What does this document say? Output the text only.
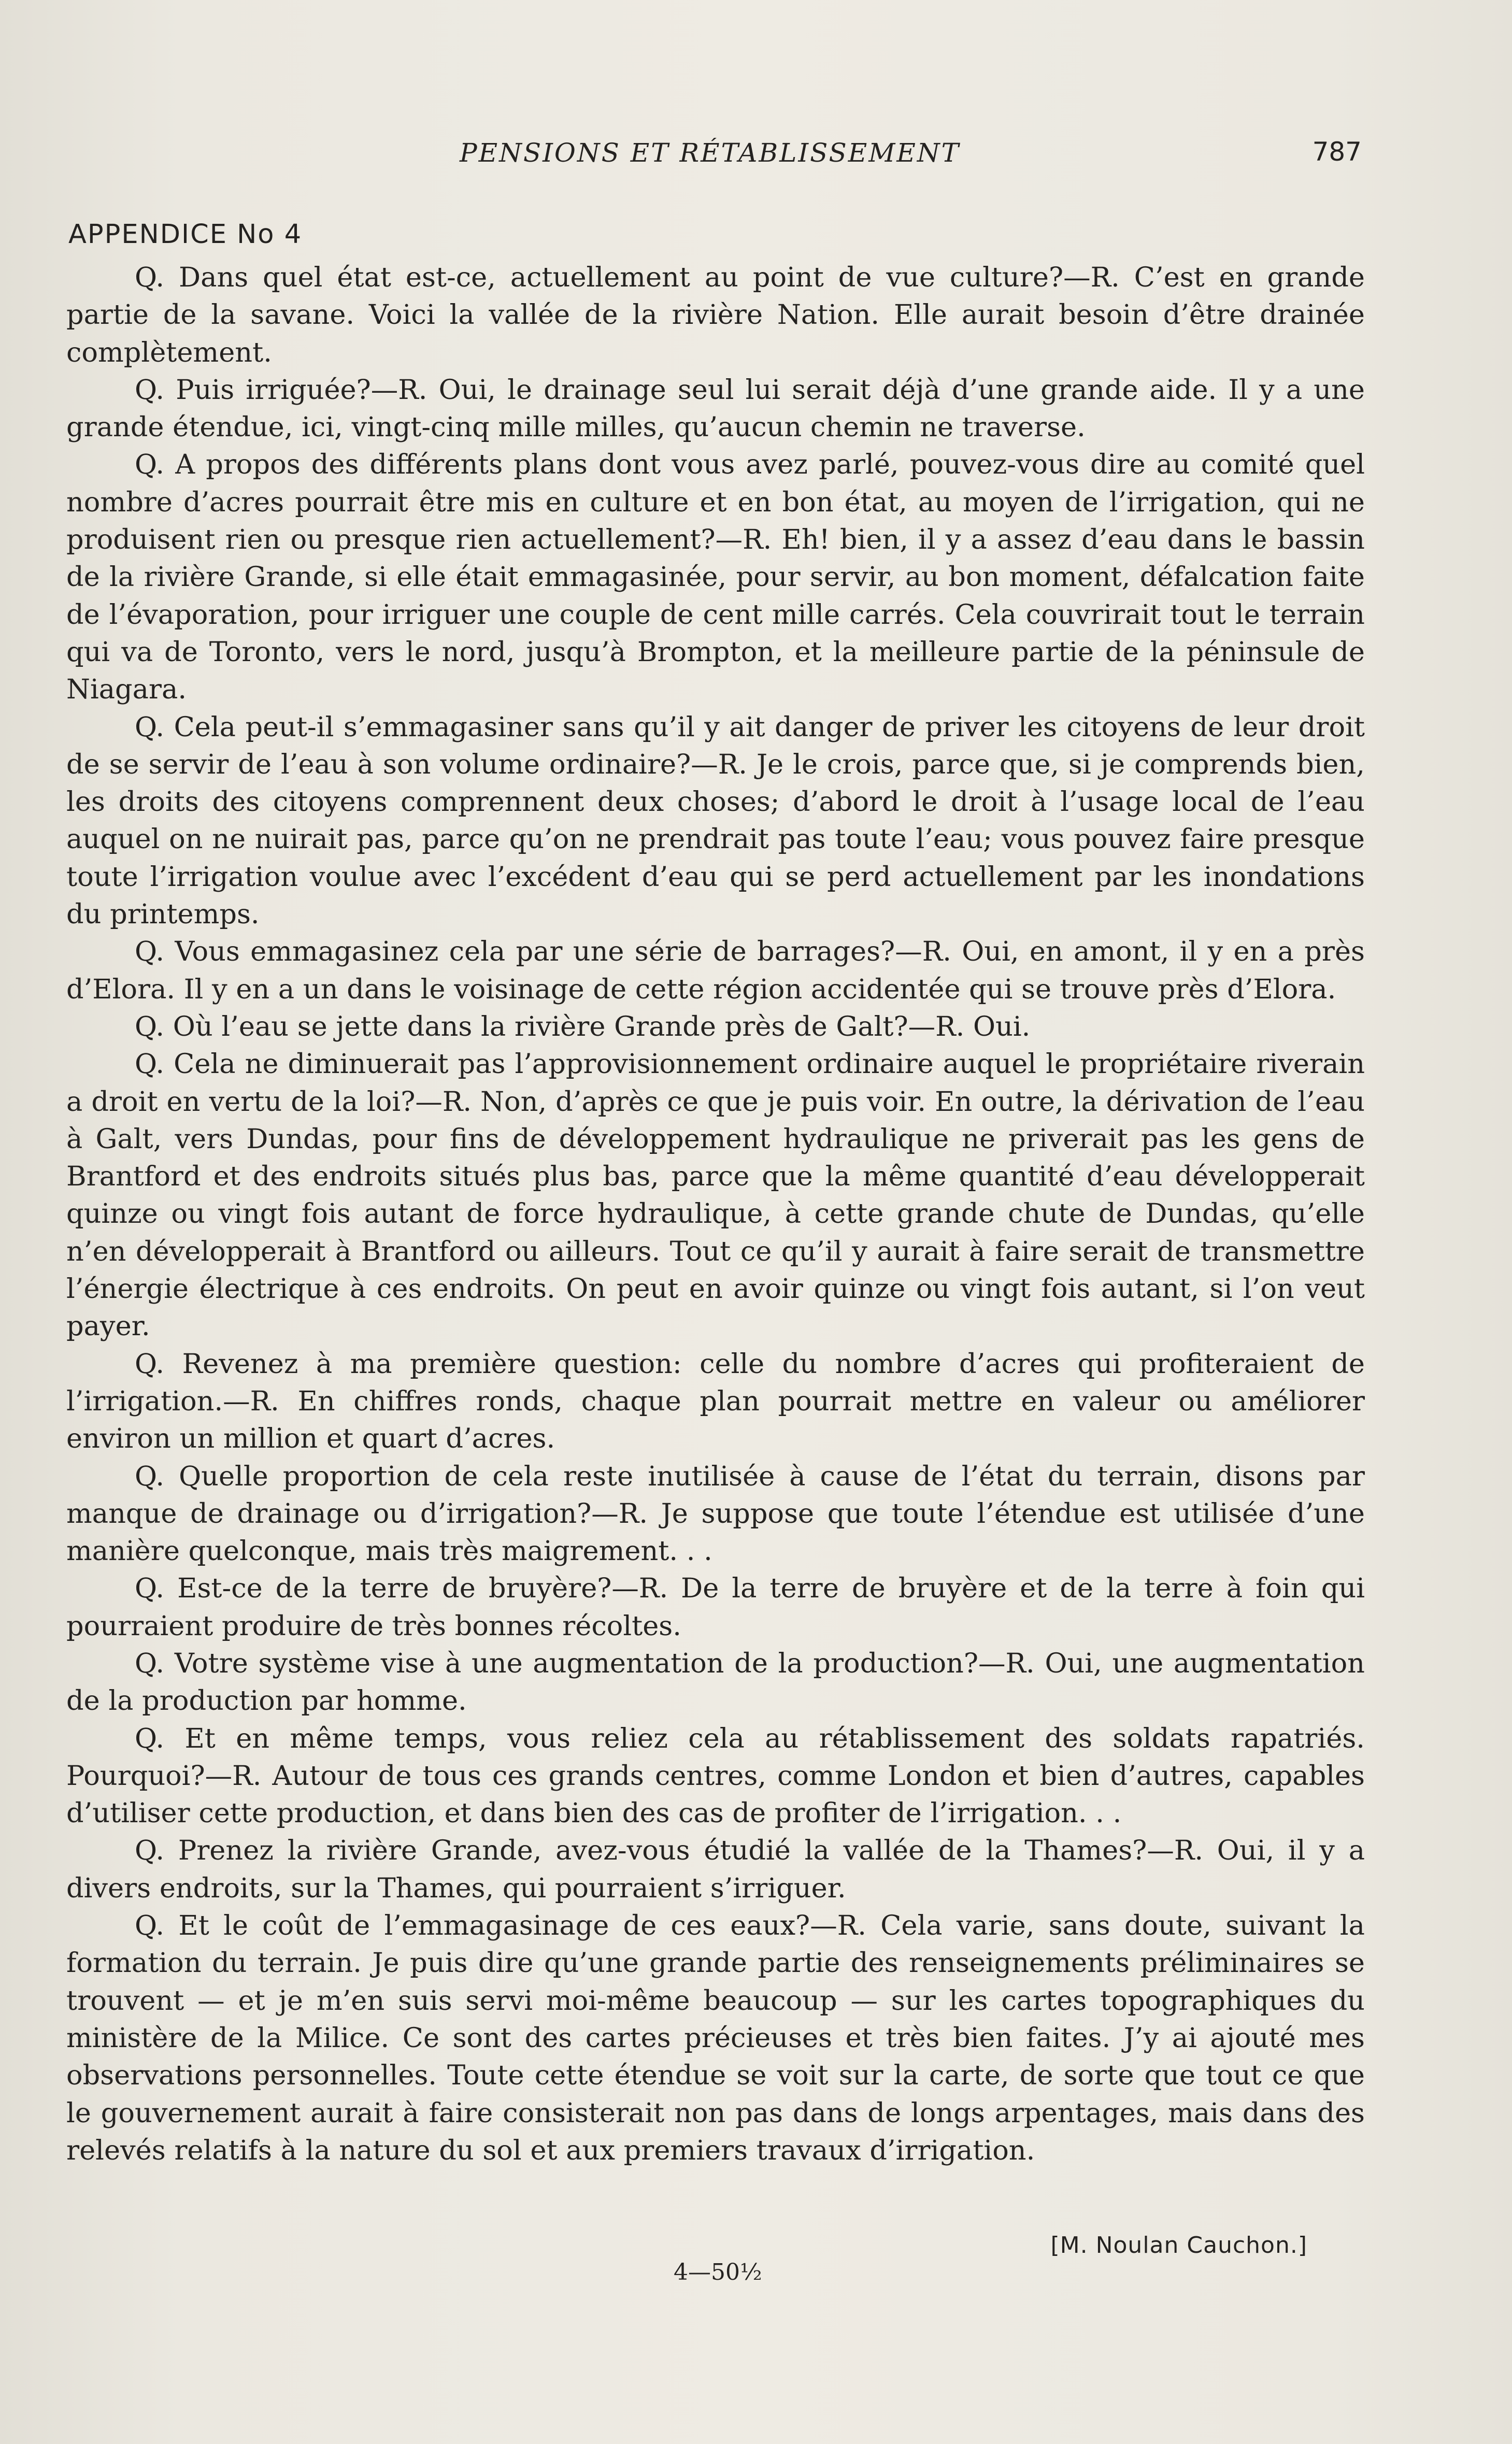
PENSIONS ET RÉTABLISSEMENT	787
APPENDICE No 4

Q. Dans quel état est-ce, actuellement au point de vue culture?—R. C’est en grande partie de la savane. Voici la vallée de la rivière Nation. Elle aurait besoin d’être drainée complètement.

Q. Puis irriguée?—R. Oui, le drainage seul lui serait déjà d’une grande aide. Il y a une grande étendue, ici, vingt-cinq mille milles, qu’aucun chemin ne traverse.

Q. A propos des différents plans dont vous avez parlé, pouvez-vous dire au comité quel nombre d’acres pourrait être mis en culture et en bon état, au moyen de l’irrigation, qui ne produisent rien ou presque rien actuellement?—R. Eh! bien, il y a assez d’eau dans le bassin de la rivière Grande, si elle était emmagasinée, pour servir, au bon moment, défalcation faite de l’évaporation, pour irriguer une couple de cent mille carrés. Cela couvrirait tout le terrain qui va de Toronto, vers le nord, jusqu’à Brompton, et la meilleure partie de la péninsule de Niagara.

Q. Cela peut-il s’emmagasiner sans qu’il y ait danger de priver les citoyens de leur droit de se servir de l’eau à son volume ordinaire?—R. Je le crois, parce que, si je comprends bien, les droits des citoyens comprennent deux choses; d’abord le droit à l’usage local de l’eau auquel on ne nuirait pas, parce qu’on ne prendrait pas toute l’eau; vous pouvez faire presque toute l’irrigation voulue avec l’excédent d’eau qui se perd actuellement par les inondations du printemps.

Q. Vous emmagasinez cela par une série de barrages?—R. Oui, en amont, il y en a près d’Elora. Il y en a un dans le voisinage de cette région accidentée qui se trouve près d’Elora.

Q. Où l’eau se jette dans la rivière Grande près de Galt?—R. Oui.

Q. Cela ne diminuerait pas l’approvisionnement ordinaire auquel le propriétaire riverain a droit en vertu de la loi?—R. Non, d’après ce que je puis voir. En outre, la dérivation de l’eau à Galt, vers Dundas, pour fins de développement hydraulique ne priverait pas les gens de Brantford et des endroits situés plus bas, parce que la même quantité d’eau développerait quinze ou vingt fois autant de force hydraulique, à cette grande chute de Dundas, qu’elle n’en développerait à Brantford ou ailleurs. Tout ce qu’il y aurait à faire serait de transmettre l’énergie électrique à ces endroits. On peut en avoir quinze ou vingt fois autant, si l’on veut payer.

Q. Revenez à ma première question: celle du nombre d’acres qui profiteraient de l’irrigation.—R. En chiffres ronds, chaque plan pourrait mettre en valeur ou améliorer environ un million et quart d’acres.

Q. Quelle proportion de cela reste inutilisée à cause de l’état du terrain, disons par manque de drainage ou d’irrigation?—R. Je suppose que toute l’étendue est utilisée d’une manière quelconque, mais très maigrement. . .

Q. Est-ce de la terre de bruyère?—R. De la terre de bruyère et de la terre à foin qui pourraient produire de très bonnes récoltes.

Q. Votre système vise à une augmentation de la production?—R. Oui, une augmentation de la production par homme.

Q. Et en même temps, vous reliez cela au rétablissement des soldats rapatriés. Pourquoi?—R. Autour de tous ces grands centres, comme London et bien d’autres, capables d’utiliser cette production, et dans bien des cas de profiter de l’irrigation. . .

Q. Prenez la rivière Grande, avez-vous étudié la vallée de la Thames?—R. Oui, il y a divers endroits, sur la Thames, qui pourraient s’irriguer.

Q. Et le coût de l’emmagasinage de ces eaux?—R. Cela varie, sans doute, suivant la formation du terrain. Je puis dire qu’une grande partie des renseignements préliminaires se trouvent — et je m’en suis servi moi-même beaucoup — sur les cartes topographiques du ministère de la Milice. Ce sont des cartes précieuses et très bien faites. J’y ai ajouté mes observations personnelles. Toute cette étendue se voit sur la carte, de sorte que tout ce que le gouvernement aurait à faire consisterait non pas dans de longs arpentages, mais dans des relevés relatifs à la nature du sol et aux premiers travaux d’irrigation.

[M. Noulan Cauchon.]
4—50½
